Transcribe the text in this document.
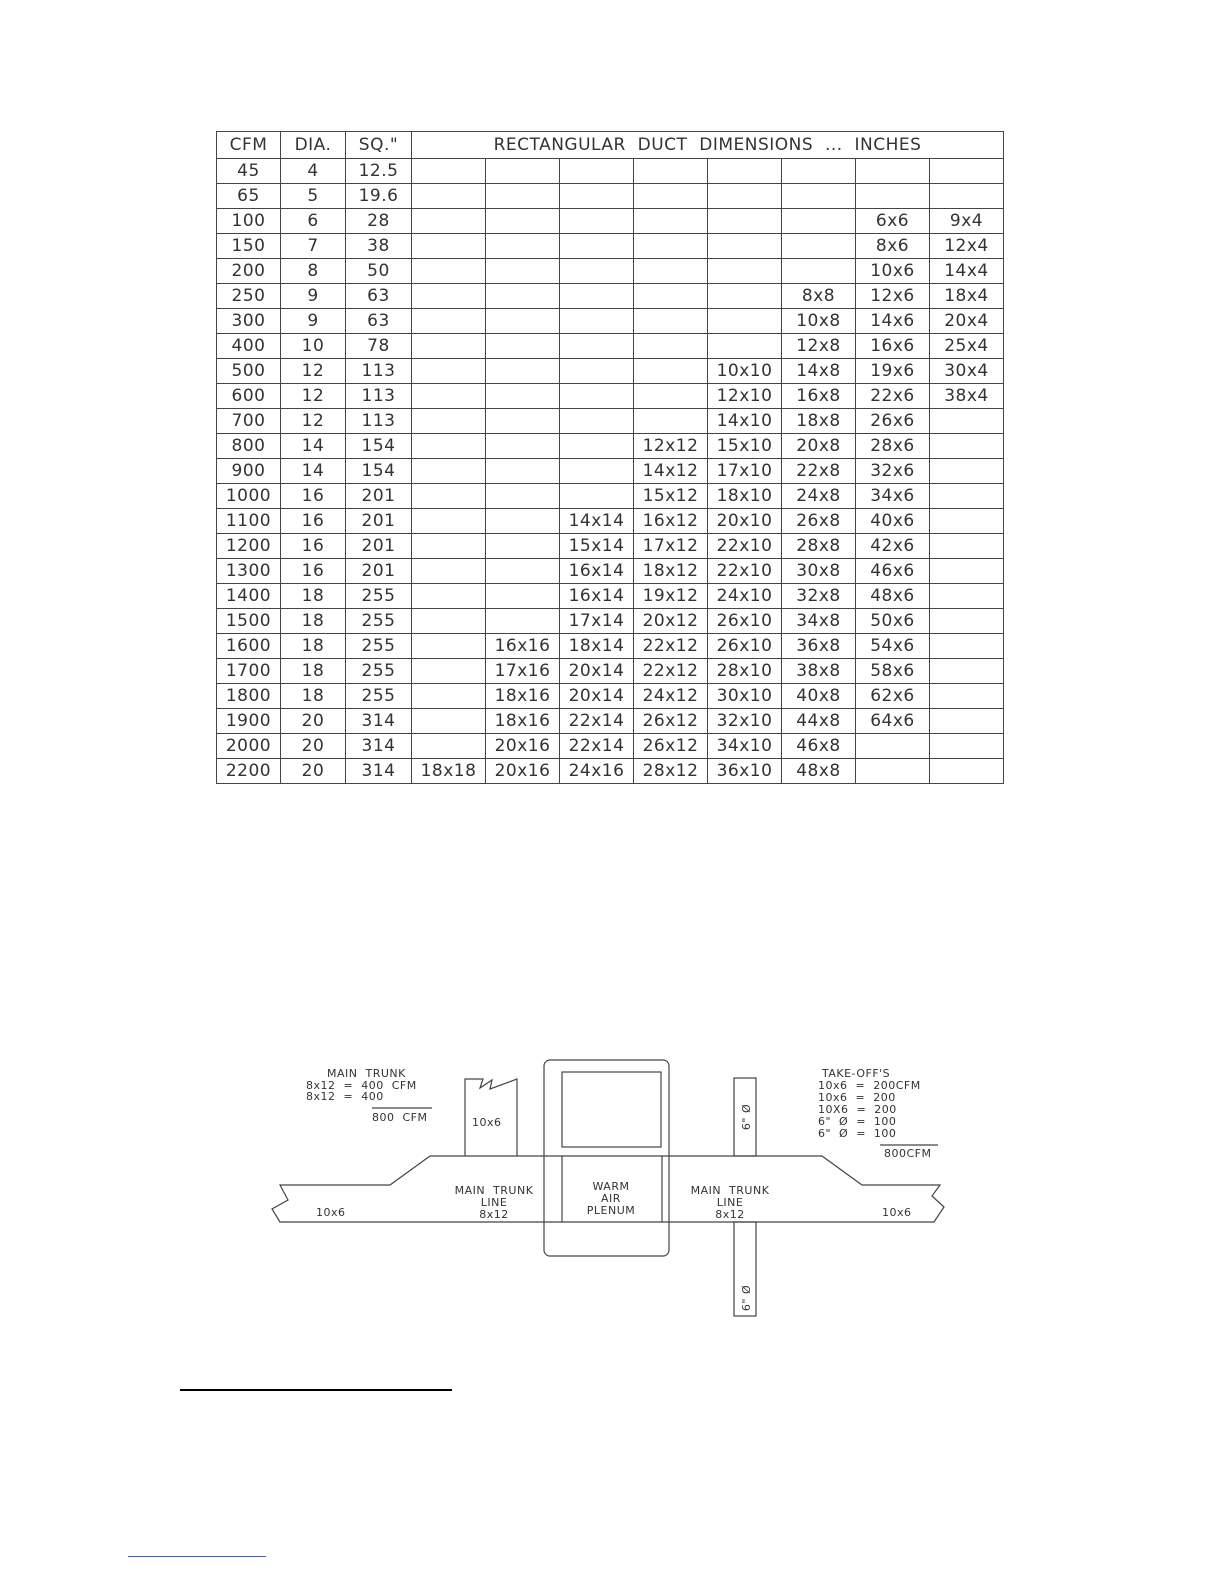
CFM	DIA.	SQ."	RECTANGULAR  DUCT  DIMENSIONS  ...  INCHES							
45	4	12.5								
65	5	19.6								
100	6	28							6x6	9x4
150	7	38							8x6	12x4
200	8	50							10x6	14x4
250	9	63						8x8	12x6	18x4
300	9	63						10x8	14x6	20x4
400	10	78						12x8	16x6	25x4
500	12	113					10x10	14x8	19x6	30x4
600	12	113					12x10	16x8	22x6	38x4
700	12	113					14x10	18x8	26x6	
800	14	154				12x12	15x10	20x8	28x6	
900	14	154				14x12	17x10	22x8	32x6	
1000	16	201				15x12	18x10	24x8	34x6	
1100	16	201			14x14	16x12	20x10	26x8	40x6	
1200	16	201			15x14	17x12	22x10	28x8	42x6	
1300	16	201			16x14	18x12	22x10	30x8	46x6	
1400	18	255			16x14	19x12	24x10	32x8	48x6	
1500	18	255			17x14	20x12	26x10	34x8	50x6	
1600	18	255		16x16	18x14	22x12	26x10	36x8	54x6	
1700	18	255		17x16	20x14	22x12	28x10	38x8	58x6	
1800	18	255		18x16	20x14	24x12	30x10	40x8	62x6	
1900	20	314		18x16	22x14	26x12	32x10	44x8	64x6	
2000	20	314		20x16	22x14	26x12	34x10	46x8		
2200	20	314	18x18	20x16	24x16	28x12	36x10	48x8		
MAIN  TRUNK
8x12  =  400  CFM
8x12  =  400
800  CFM
TAKE-OFF'S
10x6  =  200CFM
10x6  =  200
10X6  =  200
6"  Ø  =  100
6"  Ø  =  100
800CFM
10x6
10x6	10x6
MAIN  TRUNK
LINE
8x12
WARM
AIR
PLENUM
MAIN  TRUNK
LINE
8x12
6" Ø
6" Ø
